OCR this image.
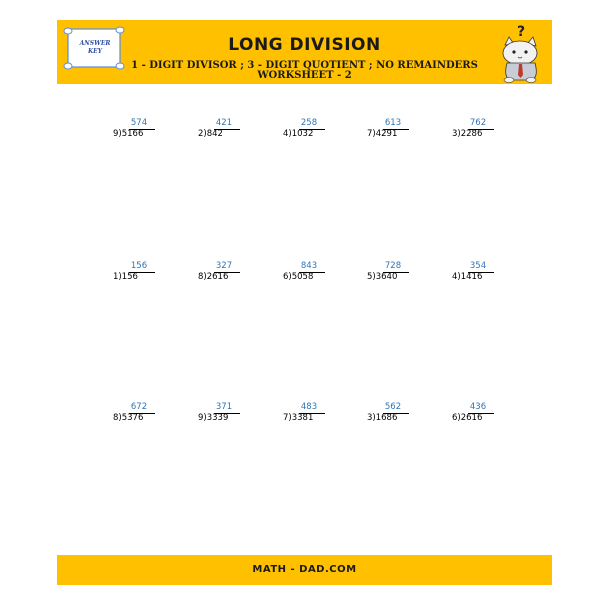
ANSWER KEY	LONG DIVISION
1 - DIGIT DIVISOR ; 3 - DIGIT QUOTIENT ; NO REMAINDERS
WORKSHEET - 2
?
574
9)5166
421
2)842
258
4)1032
613
7)4291
762
3)2286
156
1)156
327
8)2616
843
6)5058
728
5)3640
354
4)1416
672
8)5376
371
9)3339
483
7)3381
562
3)1686
436
6)2616
MATH - DAD.COM
